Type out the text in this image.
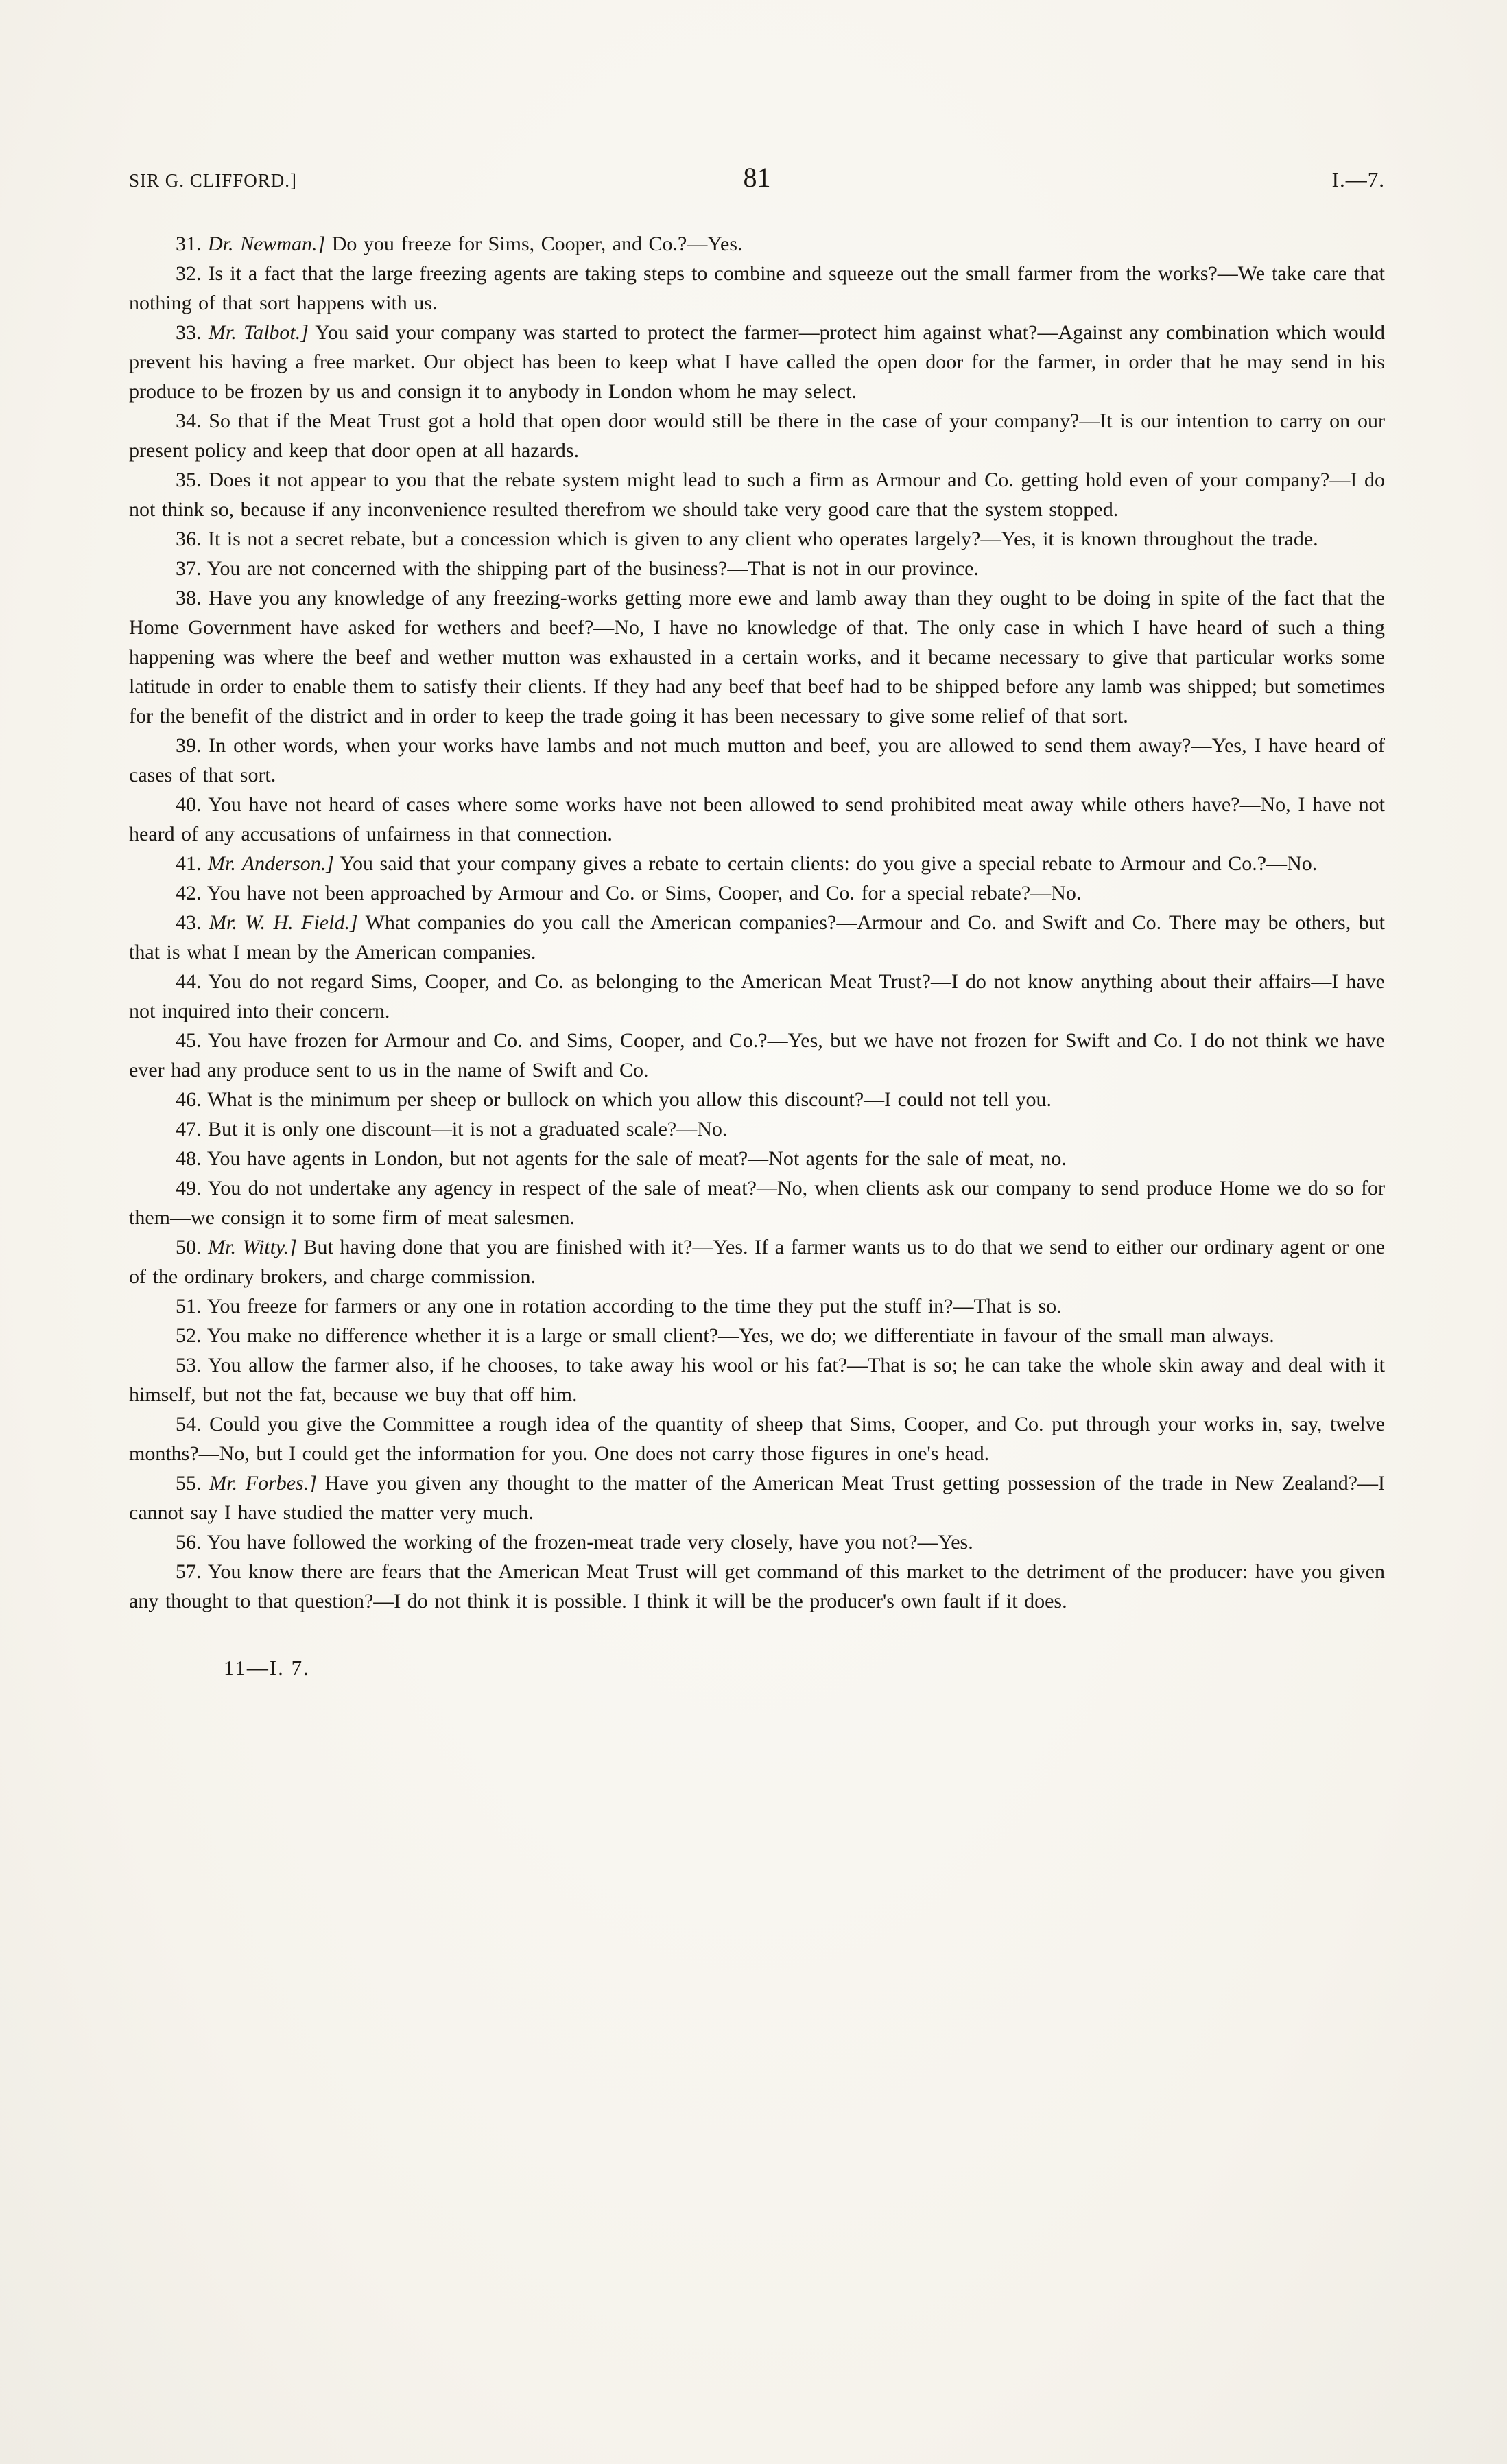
SIR G. CLIFFORD.]	81	I.—7.

31. Dr. Newman.] Do you freeze for Sims, Cooper, and Co.?—Yes.

32. Is it a fact that the large freezing agents are taking steps to combine and squeeze out the small farmer from the works?—We take care that nothing of that sort happens with us.

33. Mr. Talbot.] You said your company was started to protect the farmer—protect him against what?—Against any combination which would prevent his having a free market. Our object has been to keep what I have called the open door for the farmer, in order that he may send in his produce to be frozen by us and consign it to anybody in London whom he may select.

34. So that if the Meat Trust got a hold that open door would still be there in the case of your company?—It is our intention to carry on our present policy and keep that door open at all hazards.

35. Does it not appear to you that the rebate system might lead to such a firm as Armour and Co. getting hold even of your company?—I do not think so, because if any inconvenience resulted therefrom we should take very good care that the system stopped.

36. It is not a secret rebate, but a concession which is given to any client who operates largely?—Yes, it is known throughout the trade.

37. You are not concerned with the shipping part of the business?—That is not in our province.

38. Have you any knowledge of any freezing-works getting more ewe and lamb away than they ought to be doing in spite of the fact that the Home Government have asked for wethers and beef?—No, I have no knowledge of that. The only case in which I have heard of such a thing happening was where the beef and wether mutton was exhausted in a certain works, and it became necessary to give that particular works some latitude in order to enable them to satisfy their clients. If they had any beef that beef had to be shipped before any lamb was shipped; but sometimes for the benefit of the district and in order to keep the trade going it has been necessary to give some relief of that sort.

39. In other words, when your works have lambs and not much mutton and beef, you are allowed to send them away?—Yes, I have heard of cases of that sort.

40. You have not heard of cases where some works have not been allowed to send prohibited meat away while others have?—No, I have not heard of any accusations of unfairness in that connection.

41. Mr. Anderson.] You said that your company gives a rebate to certain clients: do you give a special rebate to Armour and Co.?—No.

42. You have not been approached by Armour and Co. or Sims, Cooper, and Co. for a special rebate?—No.

43. Mr. W. H. Field.] What companies do you call the American companies?—Armour and Co. and Swift and Co. There may be others, but that is what I mean by the American companies.

44. You do not regard Sims, Cooper, and Co. as belonging to the American Meat Trust?—I do not know anything about their affairs—I have not inquired into their concern.

45. You have frozen for Armour and Co. and Sims, Cooper, and Co.?—Yes, but we have not frozen for Swift and Co. I do not think we have ever had any produce sent to us in the name of Swift and Co.

46. What is the minimum per sheep or bullock on which you allow this discount?—I could not tell you.

47. But it is only one discount—it is not a graduated scale?—No.

48. You have agents in London, but not agents for the sale of meat?—Not agents for the sale of meat, no.

49. You do not undertake any agency in respect of the sale of meat?—No, when clients ask our company to send produce Home we do so for them—we consign it to some firm of meat salesmen.

50. Mr. Witty.] But having done that you are finished with it?—Yes. If a farmer wants us to do that we send to either our ordinary agent or one of the ordinary brokers, and charge commission.

51. You freeze for farmers or any one in rotation according to the time they put the stuff in?—That is so.

52. You make no difference whether it is a large or small client?—Yes, we do; we differentiate in favour of the small man always.

53. You allow the farmer also, if he chooses, to take away his wool or his fat?—That is so; he can take the whole skin away and deal with it himself, but not the fat, because we buy that off him.

54. Could you give the Committee a rough idea of the quantity of sheep that Sims, Cooper, and Co. put through your works in, say, twelve months?—No, but I could get the information for you. One does not carry those figures in one's head.

55. Mr. Forbes.] Have you given any thought to the matter of the American Meat Trust getting possession of the trade in New Zealand?—I cannot say I have studied the matter very much.

56. You have followed the working of the frozen-meat trade very closely, have you not?—Yes.

57. You know there are fears that the American Meat Trust will get command of this market to the detriment of the producer: have you given any thought to that question?—I do not think it is possible. I think it will be the producer's own fault if it does.

11—I. 7.
